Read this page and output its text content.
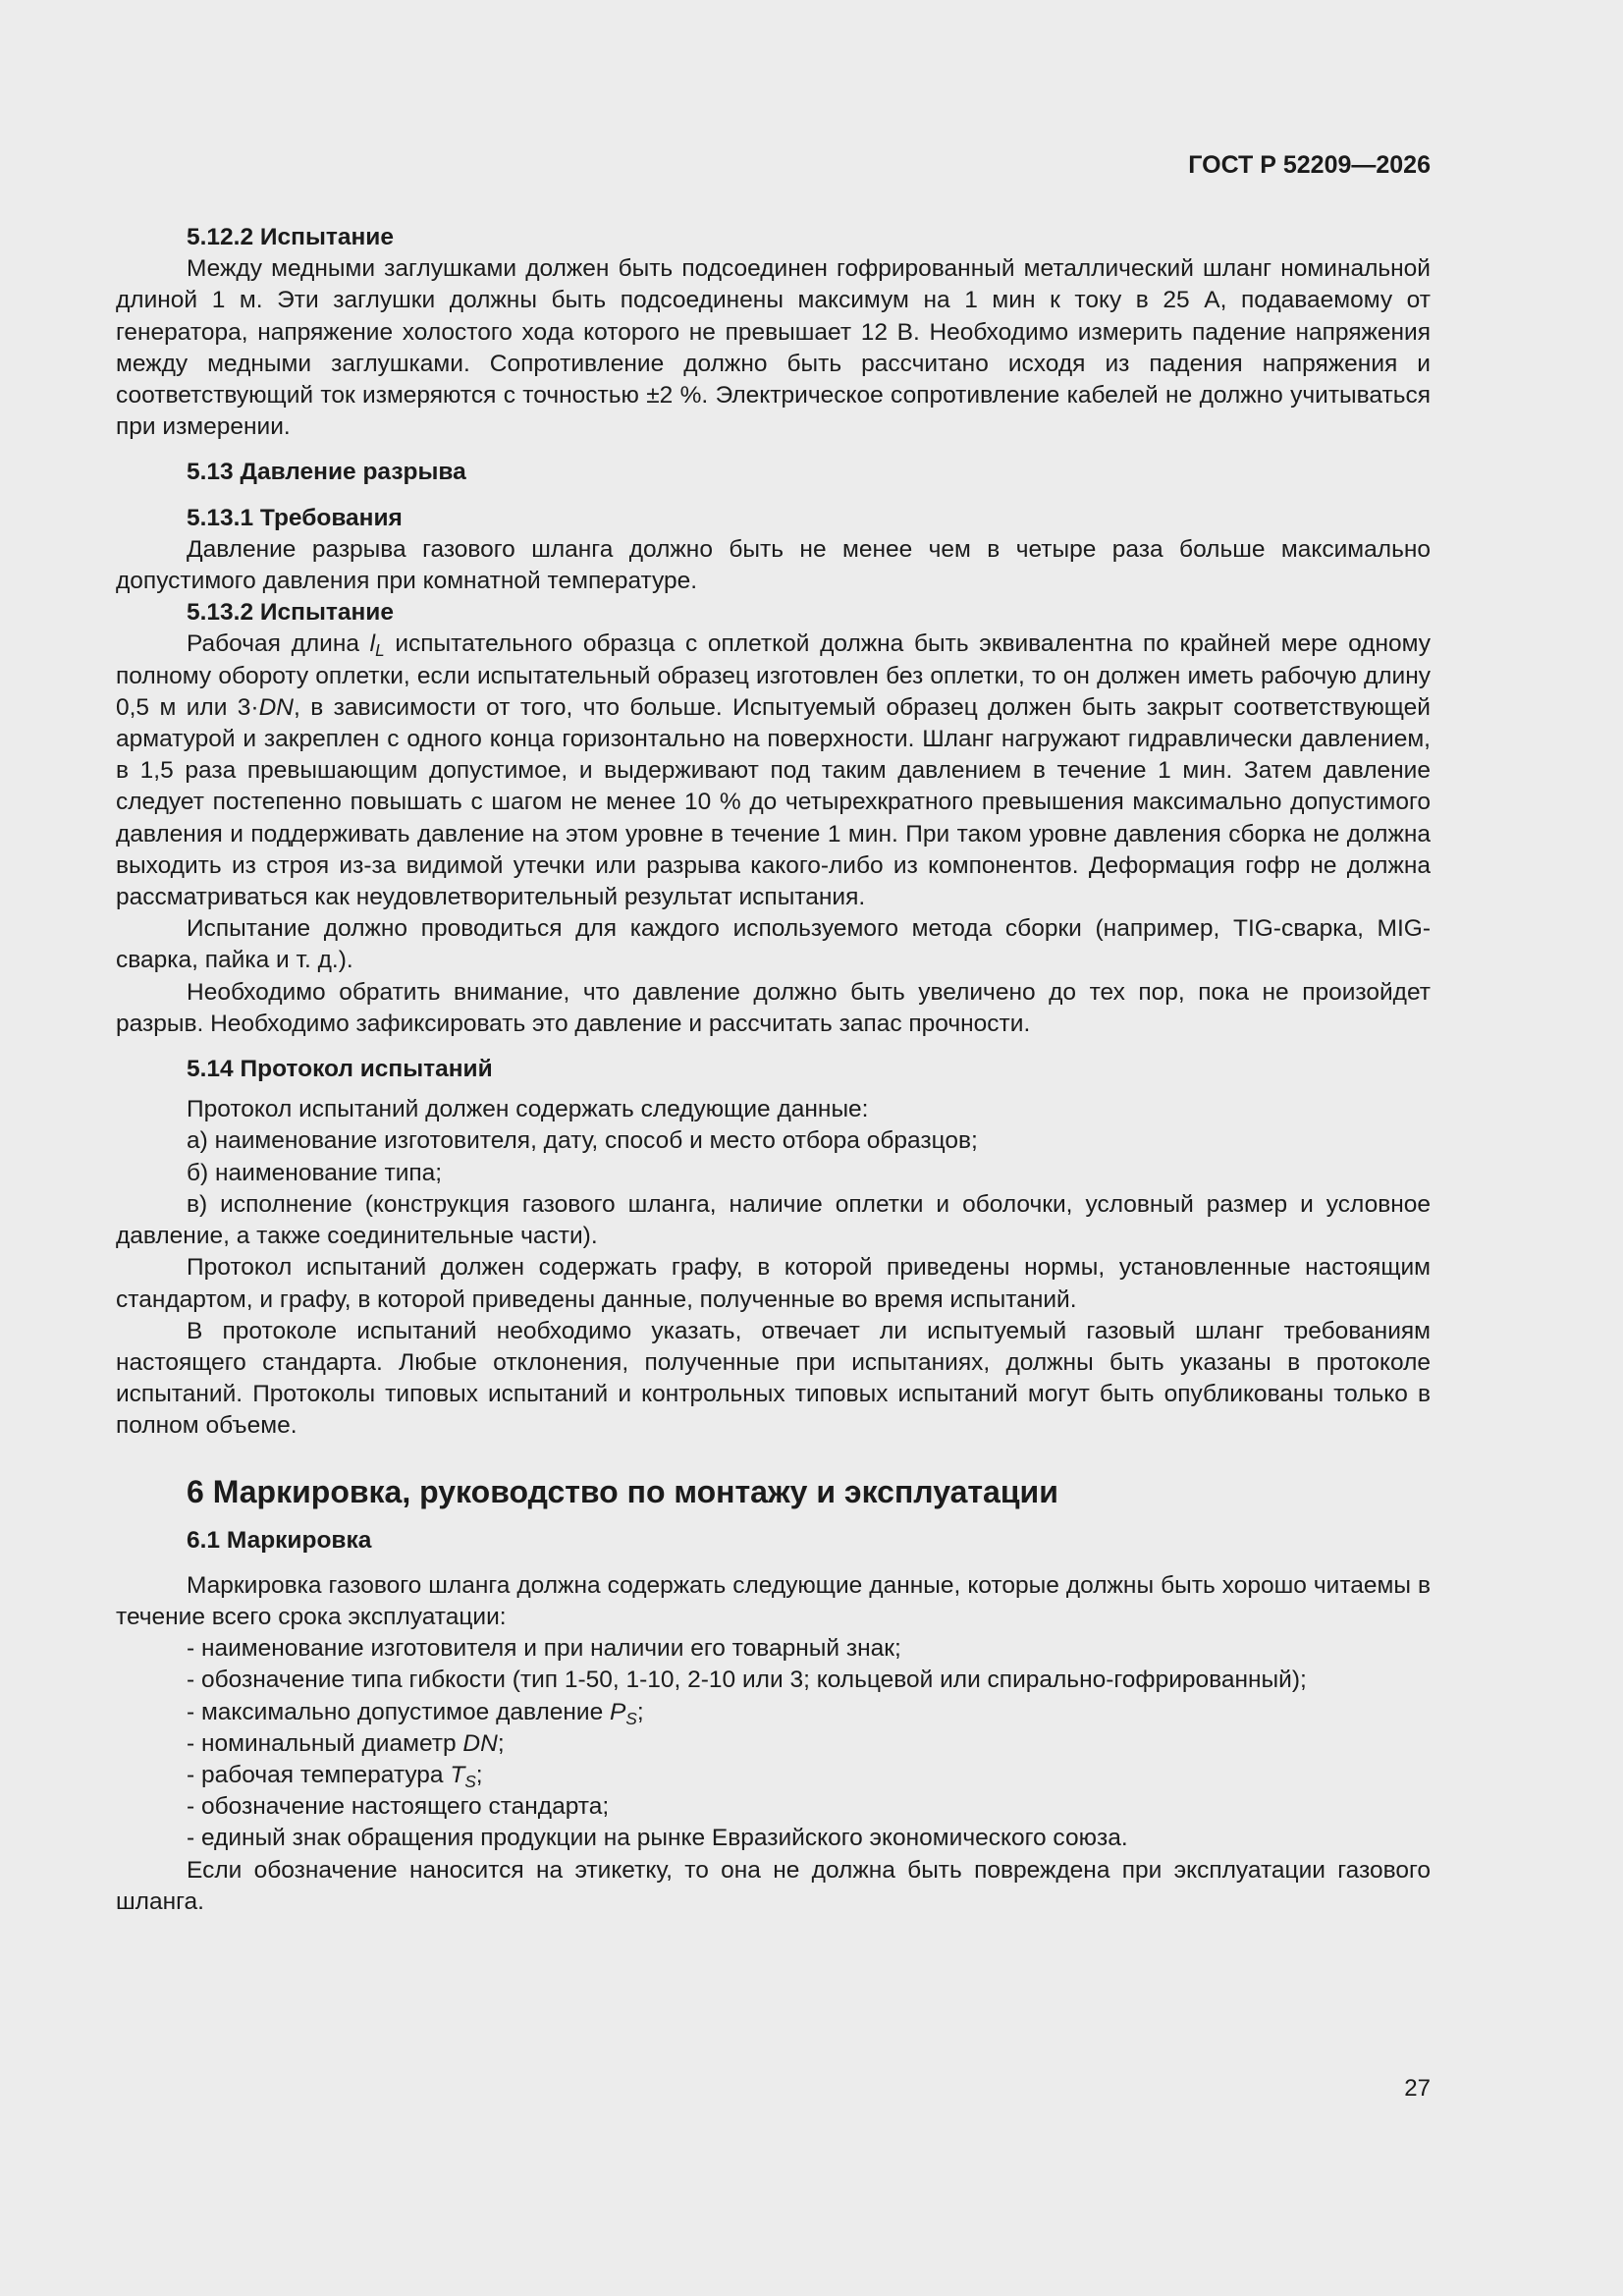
ГОСТ Р 52209—2026

5.12.2 Испытание

Между медными заглушками должен быть подсоединен гофрированный металлический шланг номинальной длиной 1 м. Эти заглушки должны быть подсоединены максимум на 1 мин к току в 25 А, подаваемому от генератора, напряжение холостого хода которого не превышает 12 В. Необходимо измерить падение напряжения между медными заглушками. Сопротивление должно быть рассчитано исходя из падения напряжения и соответствующий ток измеряются с точностью ±2 %. Электрическое сопротивление кабелей не должно учитываться при измерении.

5.13 Давление разрыва

5.13.1 Требования

Давление разрыва газового шланга должно быть не менее чем в четыре раза больше максимально допустимого давления при комнатной температуре.

5.13.2 Испытание

Рабочая длина $l_L$ испытательного образца с оплеткой должна быть эквивалентна по крайней мере одному полному обороту оплетки, если испытательный образец изготовлен без оплетки, то он должен иметь рабочую длину 0,5 м или 3·DN, в зависимости от того, что больше. Испытуемый образец должен быть закрыт соответствующей арматурой и закреплен с одного конца горизонтально на поверхности. Шланг нагружают гидравлически давлением, в 1,5 раза превышающим допустимое, и выдерживают под таким давлением в течение 1 мин. Затем давление следует постепенно повышать с шагом не менее 10 % до четырехкратного превышения максимально допустимого давления и поддерживать давление на этом уровне в течение 1 мин. При таком уровне давления сборка не должна выходить из строя из-за видимой утечки или разрыва какого-либо из компонентов. Деформация гофр не должна рассматриваться как неудовлетворительный результат испытания.

Испытание должно проводиться для каждого используемого метода сборки (например, TIG-сварка, MIG-сварка, пайка и т. д.).

Необходимо обратить внимание, что давление должно быть увеличено до тех пор, пока не произойдет разрыв. Необходимо зафиксировать это давление и рассчитать запас прочности.

5.14 Протокол испытаний

Протокол испытаний должен содержать следующие данные:

а) наименование изготовителя, дату, способ и место отбора образцов;

б) наименование типа;

в) исполнение (конструкция газового шланга, наличие оплетки и оболочки, условный размер и условное давление, а также соединительные части).

Протокол испытаний должен содержать графу, в которой приведены нормы, установленные настоящим стандартом, и графу, в которой приведены данные, полученные во время испытаний.

В протоколе испытаний необходимо указать, отвечает ли испытуемый газовый шланг требованиям настоящего стандарта. Любые отклонения, полученные при испытаниях, должны быть указаны в протоколе испытаний. Протоколы типовых испытаний и контрольных типовых испытаний могут быть опубликованы только в полном объеме.

6 Маркировка, руководство по монтажу и эксплуатации

6.1 Маркировка

Маркировка газового шланга должна содержать следующие данные, которые должны быть хорошо читаемы в течение всего срока эксплуатации:

- наименование изготовителя и при наличии его товарный знак;

- обозначение типа гибкости (тип 1-50, 1-10, 2-10 или 3; кольцевой или спирально-гофрированный);

- максимально допустимое давление $P_S$;

- номинальный диаметр DN;

- рабочая температура $T_S$;

- обозначение настоящего стандарта;

- единый знак обращения продукции на рынке Евразийского экономического союза.

Если обозначение наносится на этикетку, то она не должна быть повреждена при эксплуатации газового шланга.

27
